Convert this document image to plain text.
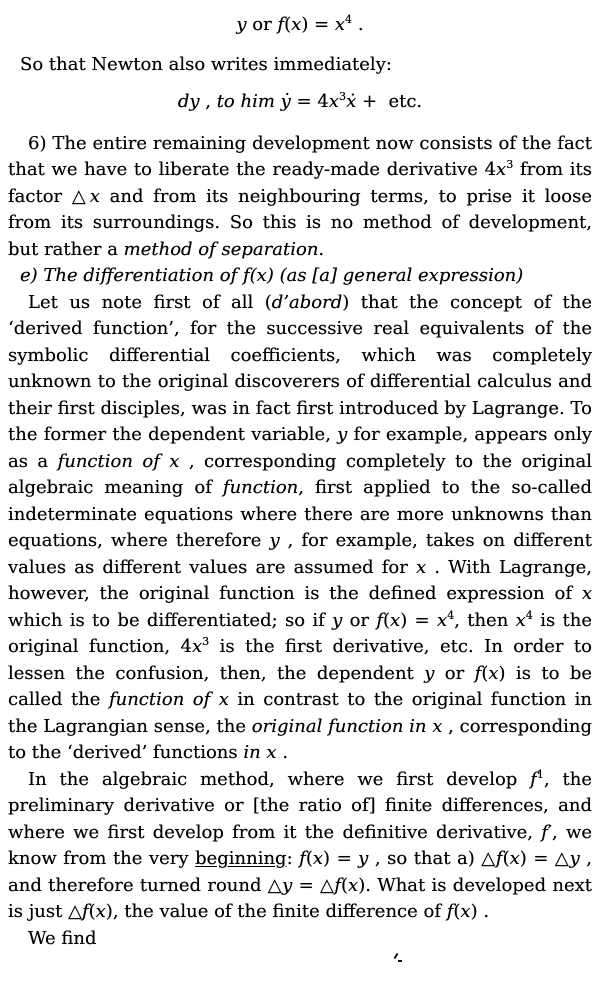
y or $f(x) = x^4$ .

So that Newton also writes immediately:

dy , to him ẏ = $4x^3ẋ$ +  etc.

6) The entire remaining development now consists of the fact that we have to liberate the ready-made derivative $4x^3$ from its factor △x and from its neighbouring terms, to prise it loose from its surroundings. So this is no method of development, but rather a method of separation.

e) The differentiation of f(x) (as [a] general expression)

Let us note first of all (d’abord) that the concept of the ‘derived function’, for the successive real equivalents of the symbolic differential coefficients, which was completely unknown to the original discoverers of differential calculus and their first disciples, was in fact first introduced by Lagrange. To the former the dependent variable, y for example, appears only as a function of x , corresponding completely to the original algebraic meaning of function, first applied to the so-called indeterminate equations where there are more unknowns than equations, where therefore y , for example, takes on different values as different values are assumed for x . With Lagrange, however, the original function is the defined expression of x which is to be differentiated; so if y or $f(x) = x^4$, then $x^4$ is the original function, $4x^3$ is the first derivative, etc. In order to lessen the confusion, then, the dependent y or f(x) is to be called the function of x in contrast to the original function in the Lagrangian sense, the original function in x , corresponding to the ‘derived’ functions in x .

In the algebraic method, where we first develop $f^1$, the preliminary derivative or [the ratio of] finite differences, and where we first develop from it the definitive derivative, f′, we know from the very beginning: f(x) = y , so that a) △f(x) = △y , and therefore turned round △y = △f(x). What is developed next is just △f(x), the value of the finite difference of f(x) .

We find
